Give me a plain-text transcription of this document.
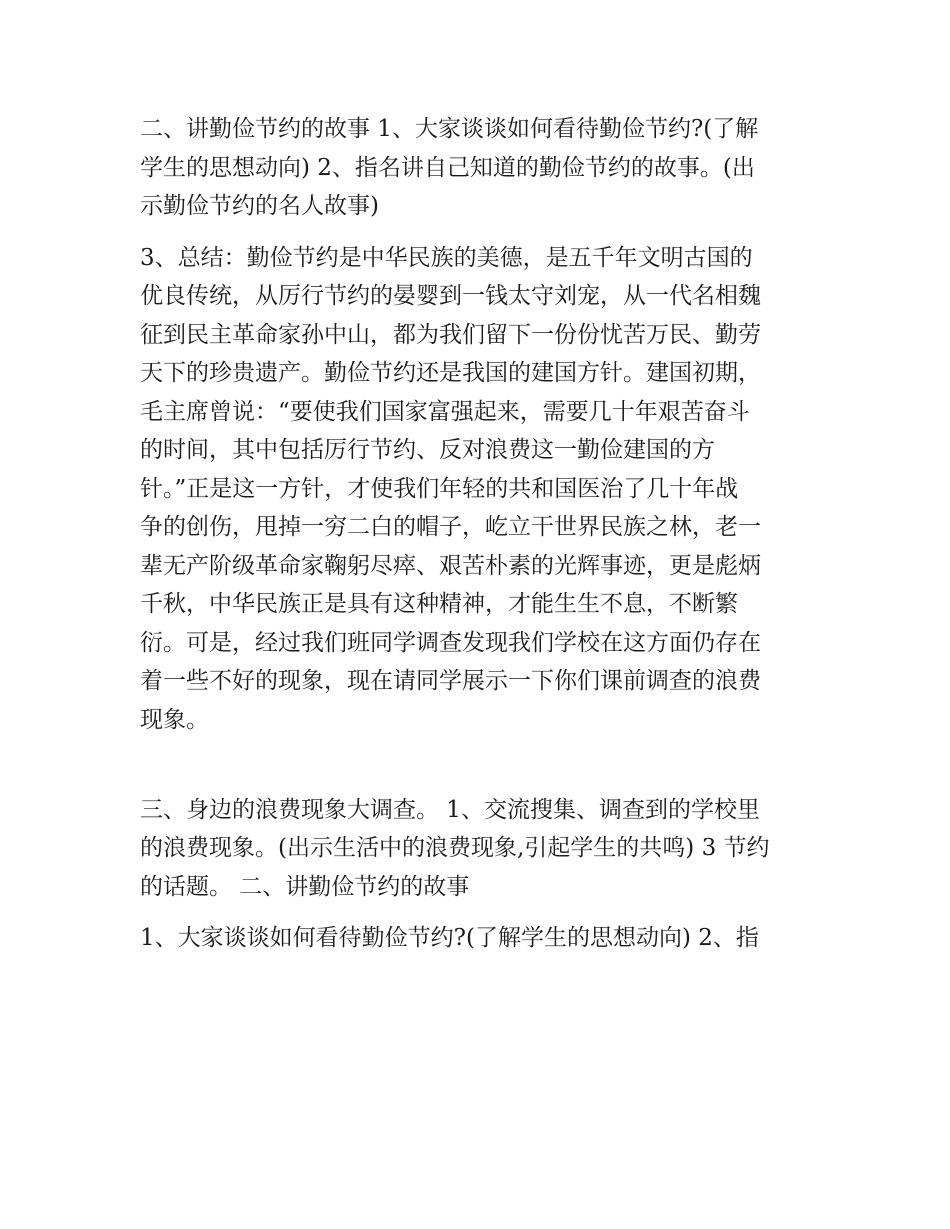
二、讲勤俭节约的故事 1、大家谈谈如何看待勤俭节约?(了解
学生的思想动向) 2、指名讲自己知道的勤俭节约的故事。(出
示勤俭节约的名人故事)
3、总结：勤俭节约是中华民族的美德，是五千年文明古国的
优良传统，从厉行节约的晏婴到一钱太守刘宠，从一代名相魏
征到民主革命家孙中山，都为我们留下一份份忧苦万民、勤劳
天下的珍贵遗产。勤俭节约还是我国的建国方针。建国初期，
毛主席曾说：“要使我们国家富强起来，需要几十年艰苦奋斗
的时间，其中包括厉行节约、反对浪费这一勤俭建国的方
针。”正是这一方针，才使我们年轻的共和国医治了几十年战
争的创伤，甩掉一穷二白的帽子，屹立干世界民族之林，老一
辈无产阶级革命家鞠躬尽瘁、艰苦朴素的光辉事迹，更是彪炳
千秋，中华民族正是具有这种精神，才能生生不息，不断繁
衍。可是，经过我们班同学调查发现我们学校在这方面仍存在
着一些不好的现象，现在请同学展示一下你们课前调查的浪费
现象。
三、身边的浪费现象大调查。 1、交流搜集、调查到的学校里
的浪费现象。(出示生活中的浪费现象,引起学生的共鸣) 3 节约
的话题。 二、讲勤俭节约的故事
1、大家谈谈如何看待勤俭节约?(了解学生的思想动向) 2、指
